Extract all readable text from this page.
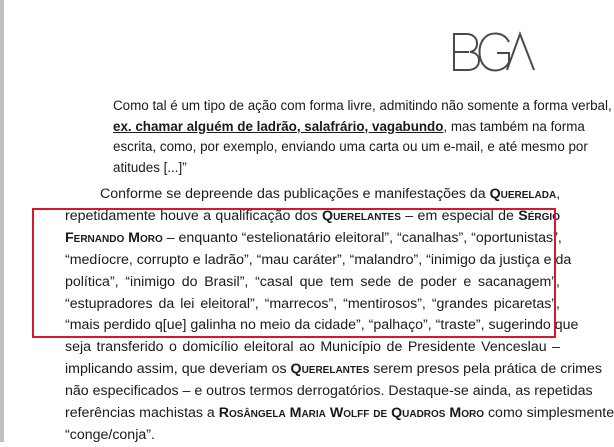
Como tal é um tipo de ação com forma livre, admitindo não somente a forma verbal,
ex. chamar alguém de ladrão, salafrário, vagabundo, mas também na forma
escrita, como, por exemplo, enviando uma carta ou um e-mail, e até mesmo por
atitudes [...]”
Conforme se depreende das publicações e manifestações da Querelada,
repetidamente houve a qualificação dos Querelantes – em especial de Sérgio
Fernando Moro – enquanto “estelionatário eleitoral”, “canalhas”, “oportunistas”,
“medíocre, corrupto e ladrão”, “mau caráter”, “malandro”, “inimigo da justiça e da
política”, “inimigo do Brasil”, “casal que tem sede de poder e sacanagem”,
“estupradores da lei eleitoral”, “marrecos”, “mentirosos”, “grandes picaretas”,
“mais perdido q[ue] galinha no meio da cidade”, “palhaço”, “traste”, sugerindo que
seja transferido o domicílio eleitoral ao Município de Presidente Venceslau –
implicando assim, que deveriam os Querelantes serem presos pela prática de crimes
não especificados – e outros termos derrogatórios. Destaque-se ainda, as repetidas
referências machistas a Rosângela Maria Wolff de Quadros Moro como simplesmente
“conge/conja”.
